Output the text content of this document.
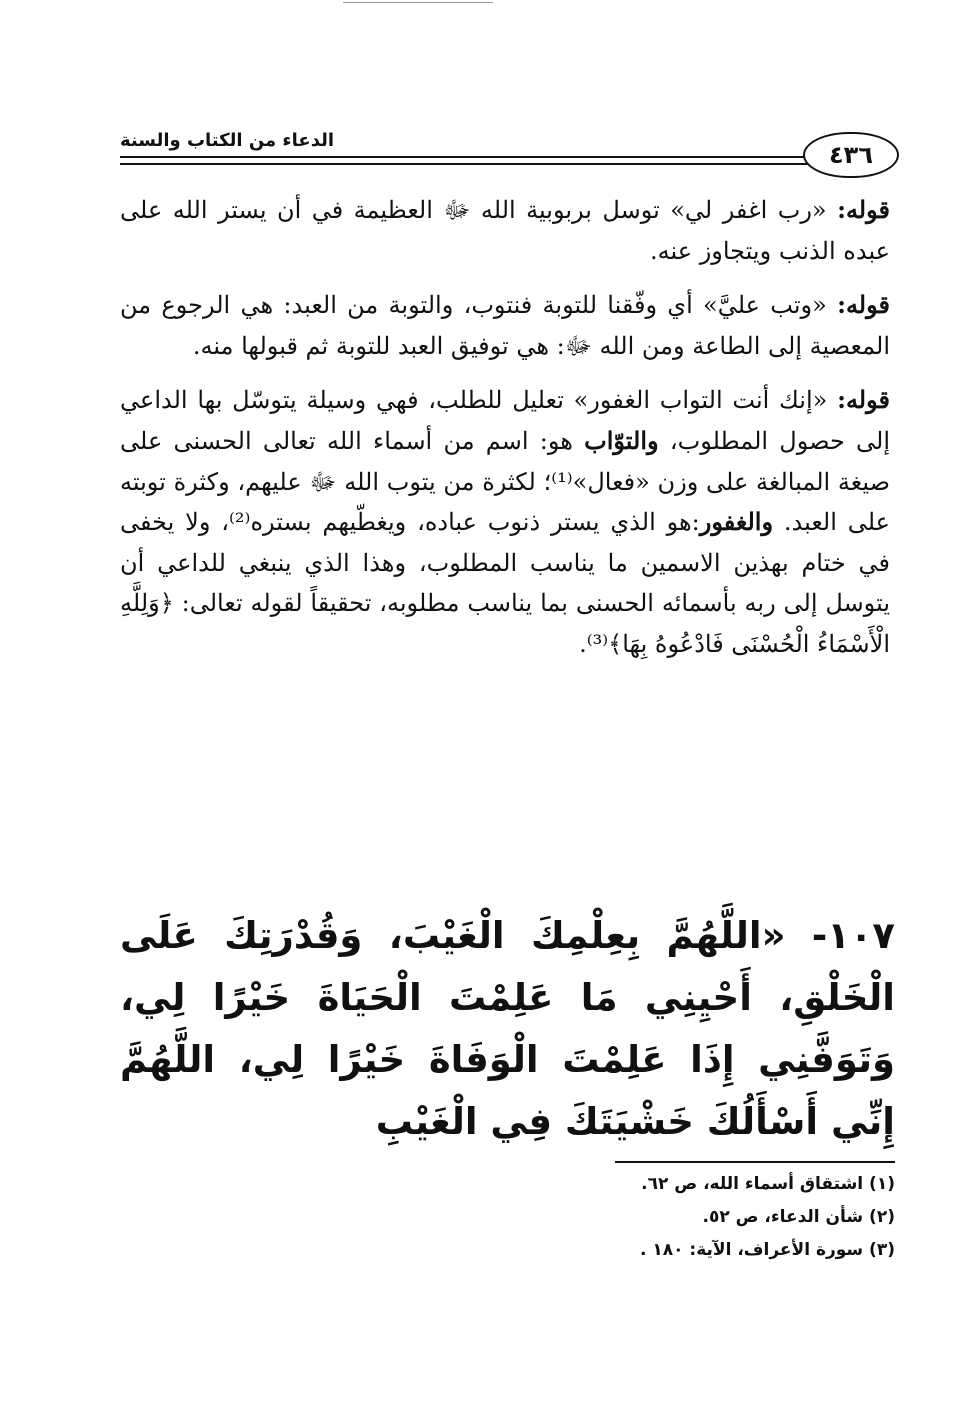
الدعاء من الكتاب والسنة
٤٣٦

قوله: «رب اغفر لي» توسل بربوبية الله ﷻ العظيمة في أن يستر الله على عبده الذنب ويتجاوز عنه.

قوله: «وتب عليَّ» أي وفّقنا للتوبة فنتوب، والتوبة من العبد: هي الرجوع من المعصية إلى الطاعة ومن الله ﷻ: هي توفيق العبد للتوبة ثم قبولها منه.

قوله: «إنك أنت التواب الغفور» تعليل للطلب، فهي وسيلة يتوسّل بها الداعي إلى حصول المطلوب، والتوّاب هو: اسم من أسماء الله تعالى الحسنى على صيغة المبالغة على وزن «فعال»⁽¹⁾؛ لكثرة من يتوب الله ﷻ عليهم، وكثرة توبته على العبد. والغفور:هو الذي يستر ذنوب عباده، ويغطّيهم بستره⁽²⁾، ولا يخفى في ختام بهذين الاسمين ما يناسب المطلوب، وهذا الذي ينبغي للداعي أن يتوسل إلى ربه بأسمائه الحسنى بما يناسب مطلوبه، تحقيقاً لقوله تعالى: ﴿وَلِلَّهِ الْأَسْمَاءُ الْحُسْنَى فَادْعُوهُ بِهَا﴾⁽³⁾.

١٠٧- «اللَّهُمَّ بِعِلْمِكَ الْغَيْبَ، وَقُدْرَتِكَ عَلَى الْخَلْقِ، أَحْيِنِي مَا عَلِمْتَ الْحَيَاةَ خَيْرًا لِي، وَتَوَفَّنِي إِذَا عَلِمْتَ الْوَفَاةَ خَيْرًا لِي، اللَّهُمَّ إِنِّي أَسْأَلُكَ خَشْيَتَكَ فِي الْغَيْبِ
(١) اشتقاق أسماء الله، ص ٦٢.
(٢) شأن الدعاء، ص ٥٢.
(٣) سورة الأعراف، الآية: ١٨٠ .
